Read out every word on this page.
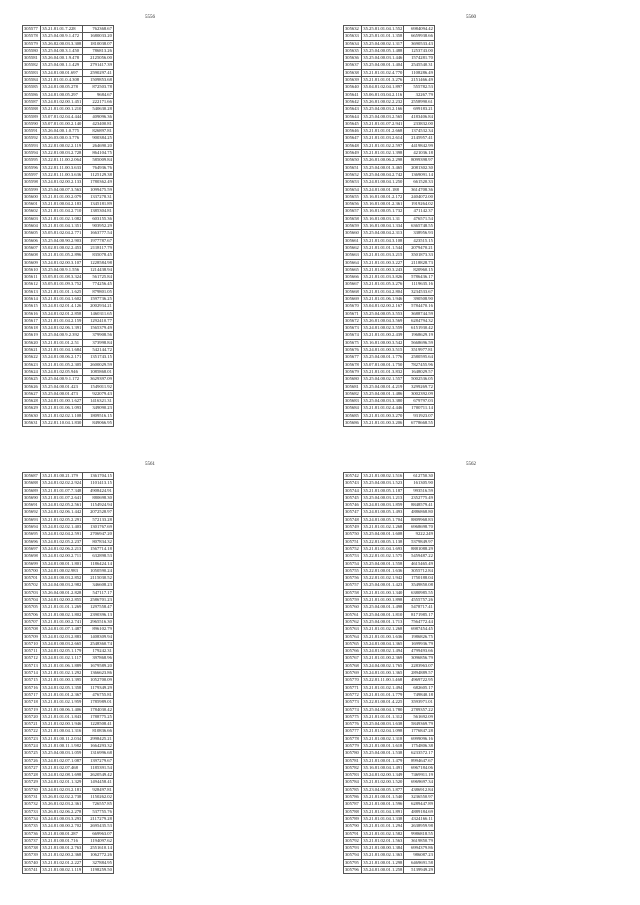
5556
305577	35.21.81.01.7.228	762368.67
305578	35.25.04.00.9.1.472	1680033.20
305579	35.26.82.00.03.3.308	1810038.07
305580	35.25.04.00.3.1.450	786813.26
305581	35.26.04.00.1.9.478	2125056.00
305582	35.25.04.00.1.1.429	2791417.39
305583	35.24.81.00.01.697	2590297.41
305584	35.21.81.01.0.4.308	1509853.68
305585	35.24.81.00.05.278	872503.78
305586	35.24.81.00.05.297	9684.67
305587	35.24.81.02.00.1.451	222171.66
305588	35.21.81.01.00.1.210	540630.28
305589	35.07.81.02.04.4.444	409096.36
305590	35.07.81.01.00.2.140	423400.81
305591	35.26.04.00.1.0.775	826897.81
305592	35.26.03.00.0.3.776	900384.25
305593	35.22.81.00.02.2.119	264690.20
305594	35.22.81.00.03.2.728	864104.75
305595	35.22.81.11.00.2.064	585009.84
305596	35.22.81.11.00.3.633	764936.76
305597	35.22.81.11.00.3.636	1125129.38
305598	35.24.81.02.00.2.133	1780362.49
305599	35.25.04.00.07.3.563	1099475.59
305600	35.21.81.01.00.2.079	1337278.31
305601	35.21.81.00.04.2.183	1345181.89
305602	35.21.81.01.04.2.710	1385304.81
305603	35.21.81.01.02.1.082	603155.36
305604	35.21.81.01.04.1.351	903952.29
305605	35.05.81.02.04.2.771	1663777.54
305606	35.25.04.00.90.2.903	1977787.67
305607	35.02.81.00.02.2.453	2118117.79
305608	35.21.81.01.05.2.896	835078.45
305609	35.24.81.02.00.3.107	1228584.98
305610	35.25.04.00.9.1.556	1214438.94
305611	35.05.81.01.08.3.324	561725.84
305612	35.05.81.01.09.3.752	774256.45
305613	35.21.81.01.01.1.625	879801.05
305614	35.21.81.01.04.1.602	1597736.25
305615	35.24.81.02.01.4.126	2002934.21
305616	35.24.81.02.01.2.858	1460311.65
305617	35.21.81.01.04.2.159	1292410.77
305618	35.24.81.02.06.1.391	1565379.49
305619	35.25.04.00.9.2.392	379908.56
305620	35.21.81.01.01.2.51	373998.84
305621	35.21.81.01.04.1.684	542144.72
305622	35.24.81.00.06.2.171	1351743.15
305623	35.21.81.01.05.2.305	2600029.59
305624	35.24.81.02.05.946	1085868.01
305625	35.25.04.00.9.1.172	3629397.09
305626	35.25.04.00.01.423	1549011.92
305627	35.25.04.00.01.473	922079.43
305628	35.24.81.01.00.1.627	1416321.31
305629	35.21.81.01.06.1.093	349090.23
305630	35.21.81.02.02.1.108	1809516.15
305631	35.22.81.10.04.1.830	849066.95
5560
305632	35.25.81.01.04.1.552	6984094.42
305633	35.25.81.01.01.1.358	6659938.66
305634	35.25.04.00.02.1.317	3690533.43
305635	35.25.04.00.05.1.488	1253743.00
305636	35.25.04.00.03.1.446	1574281.70
305637	35.25.04.00.01.1.404	2545540.31
305638	35.21.81.01.02.4.770	1108286.49
305639	35.21.81.01.01.3.276	2151466.49
305640	35.04.81.02.04.1.897	555782.53
305641	35.06.81.03.04.2.116	32267.79
305642	35.26.81.00.02.2.232	2558990.61
305643	35.25.04.00.03.2.166	699183.21
305644	35.25.04.00.03.2.565	4183406.84
305645	35.21.81.01.07.2.941	233832.00
305646	35.21.81.01.01.2.668	1374532.34
305647	35.21.81.01.03.2.614	2145957.41
305648	35.21.81.01.02.2.597	4419842.99
305649	35.21.81.01.02.1.398	421036.18
305650	35.26.81.00.06.2.298	8099398.97
305651	35.25.04.00.01.3.465	2081302.30
305652	35.25.04.00.04.2.742	1369091.14
305653	35.24.81.00.04.1.250	661520.33
305654	35.24.81.00.01.188	3614708.36
305655	35.16.81.00.01.2.172	2404072.00
305656	35.16.81.00.01.2.361	1919264.02
305657	35.16.81.00.05.1.732	471142.37
305658	35.16.81.00.03.1.31	476571.54
305659	35.16.81.00.04.1.334	6365748.55
305660	35.25.04.00.04.2.313	338956.93
305661	35.21.81.01.04.3.108	423515.15
305662	35.21.81.01.01.1.544	2079470.21
305663	35.21.81.01.03.3.215	3501873.33
305664	35.21.81.01.00.3.227	2118828.73
305665	35.21.81.01.00.3.243	820960.15
305666	35.21.81.01.03.3.826	5786436.17
305667	35.21.81.01.05.3.276	1119635.16
305668	35.21.81.01.04.2.804	3234533.67
305669	35.21.81.01.06.1.946	390508.90
305670	35.04.81.02.00.2.167	5784470.16
305671	35.25.04.00.05.3.553	3688744.59
305672	35.26.81.00.04.3.569	6284794.32
305673	35.24.81.00.02.3.559	6151930.42
305674	35.21.81.01.00.2.439	1968629.19
305675	35.16.81.00.00.3.542	5668696.59
305676	35.24.81.01.00.3.515	3519977.81
305677	35.25.04.00.01.1.776	2580595.64
305678	35.07.81.00.01.1.750	7827455.96
305679	35.21.81.01.01.3.832	1648029.57
305680	35.25.04.00.02.1.557	5002536.05
305681	35.25.04.00.01.4.219	3299269.72
305682	35.25.04.00.01.1.486	3002392.09
305683	35.25.04.00.03.3.380	679797.03
305684	35.21.81.01.02.4.446	1700711.14
305685	35.21.81.01.00.3.270	931923.07
305686	35.21.81.01.00.3.206	6778668.55
5561
305687	35.21.81.00.21.179	1361704.15
305688	35.24.81.02.02.2.924	1101413.15
305689	35.21.81.01.07.7.348	4908424.91
305690	35.21.81.01.07.2.641	880698.30
305691	35.24.81.02.05.2.561	1154924.94
305692	35.24.81.02.06.1.442	2072528.97
305693	35.21.81.02.05.2.291	572133.28
305694	35.24.81.02.02.1.403	1301767.69
305695	35.24.81.02.04.2.591	2706947.20
305696	35.24.81.02.05.2.237	807834.32
305697	35.24.81.02.06.2.213	1567714.18
305698	35.24.81.02.00.2.711	632898.53
305699	35.24.81.00.01.1.801	1186424.14
305700	35.24.81.00.02.983	1050590.24
305701	35.24.81.00.03.2.852	2115030.52
305702	35.24.04.00.03.2.982	346608.23
305703	35.26.04.00.01.2.828	547117.17
305704	35.24.81.02.00.2.855	2586701.23
305705	35.21.81.01.01.1.269	1297558.47
305706	35.21.81.00.02.1.802	2390396.13
305707	35.21.81.01.00.2.741	2965516.30
305708	35.24.81.01.07.1.487	896102.79
305709	35.24.81.02.03.2.883	1408309.94
305710	35.24.81.00.03.2.665	2548360.74
305711	35.24.81.02.05.1.179	179242.31
305712	35.24.81.01.02.1.117	397868.96
305713	35.21.81.01.06.1.889	1679589.20
305714	35.21.81.01.02.1.292	1366623.86
305715	35.21.81.01.00.1.395	1052700.09
305716	35.24.81.02.05.1.358	1179349.29
305717	35.21.81.01.01.2.367	476755.81
305718	35.21.81.01.02.1.959	1785989.01
305719	35.21.81.00.06.1.406	1784030.42
305720	35.21.81.01.01.1.843	1788775.25
305721	35.21.81.02.00.1.946	1228508.41
305722	35.21.81.00.04.1.316	810836.66
305723	35.21.81.00.11.2.034	2998425.21
305724	35.21.81.00.11.1.982	1664293.32
305725	35.25.04.00.03.1.059	1316996.68
305726	35.24.81.02.07.1.087	1397279.67
305727	35.21.81.02.07.468	1185391.54
305728	35.24.81.02.08.1.698	2620549.42
305729	35.24.81.02.01.1.329	1494458.41
305730	35.24.81.02.03.2.181	928497.81
305731	35.26.81.02.02.2.738	1150262.02
305732	35.26.81.02.03.2.361	726557.85
305733	35.26.81.02.06.2.278	537755.76
305734	35.24.81.00.03.3.293	2117279.28
305735	35.24.81.00.00.2.702	2695435.53
305736	35.21.81.00.01.287	669963.07
305737	35.21.81.00.01.716	1194097.62
305738	35.21.81.00.01.2.763	2551610.14
305739	35.21.81.02.00.2.368	1062772.26
305740	35.21.81.02.01.2.227	327884.95
305741	35.21.81.00.02.1.119	1198259.50
5562
305742	35.21.81.00.02.1.516	612750.30
305743	35.25.04.00.03.1.523	161305.90
305744	35.21.81.00.05.1.187	993516.59
305745	35.25.04.00.03.1.213	2352775.49
305746	35.24.81.00.03.1.859	8848579.41
305747	35.24.81.00.05.1.493	4886868.80
305748	35.24.81.00.05.1.704	8809968.83
305749	35.21.81.01.02.1.268	6968698.70
305750	35.25.04.00.01.1.608	9222.249
305751	35.22.81.00.05.1.138	5379849.97
305752	35.21.81.01.04.1.693	8881088.29
305753	35.22.81.01.02.1.575	5459487.22
305754	35.25.04.00.01.1.558	4615465.49
305755	35.22.81.00.01.1.636	3055712.84
305756	35.22.81.01.02.1.942	1750188.04
305757	35.25.04.00.01.1.423	3549850.08
305758	35.21.81.01.00.1.340	6380985.55
305759	35.21.81.01.00.1.898	4555757.26
305760	35.25.04.00.01.1.498	5478717.41
305761	35.25.04.00.01.1.810	8171985.17
305762	35.25.04.00.01.1.713	7564772.44
305763	35.21.81.01.02.1.268	6987454.45
305764	35.21.81.01.00.1.636	1986826.75
305765	35.24.81.00.04.1.365	1699936.79
305766	35.24.81.00.02.1.494	4799493.66
305767	35.21.81.01.00.2.369	3096856.79
305768	35.24.04.00.02.1.765	2283963.07
305769	35.24.81.01.00.1.365	2894889.57
305770	35.22.81.11.00.1.468	4969722.95
305771	35.21.81.01.02.1.494	682605.17
305772	35.21.81.01.01.1.779	749840.18
305773	35.22.81.00.01.4.225	3593971.01
305774	35.25.04.00.04.1.780	2789357.22
305775	35.21.81.01.01.1.312	561692.09
305776	35.25.04.00.03.1.638	5849369.79
305777	35.21.81.02.04.1.098	1776847.28
305778	35.21.81.00.02.1.318	6999096.16
305779	35.21.81.00.01.1.618	1754806.38
305780	35.25.04.00.01.1.538	6233572.17
305781	35.21.81.00.01.1.479	8994647.67
305782	35.16.81.00.04.1.491	6967184.06
305783	35.24.81.02.00.1.349	7469911.19
305784	35.21.81.02.00.1.520	6969697.34
305785	35.23.04.00.05.1.877	4386912.84
305786	35.21.81.00.01.1.540	3236550.97
305787	35.21.81.00.01.1.596	6289447.89
305788	35.21.81.01.04.1.891	4889184.69
305789	35.21.81.01.04.1.338	4324166.11
305790	35.21.81.01.01.1.294	2638959.98
305791	35.21.81.01.02.1.582	9986818.55
305792	35.21.81.02.01.1.563	3619850.79
305793	35.21.81.00.00.1.384	6994379.86
305794	35.21.81.00.02.1.363	986087.23
305795	35.21.81.00.01.1.298	6469691.58
305796	35.24.81.00.01.1.258	5139949.29
